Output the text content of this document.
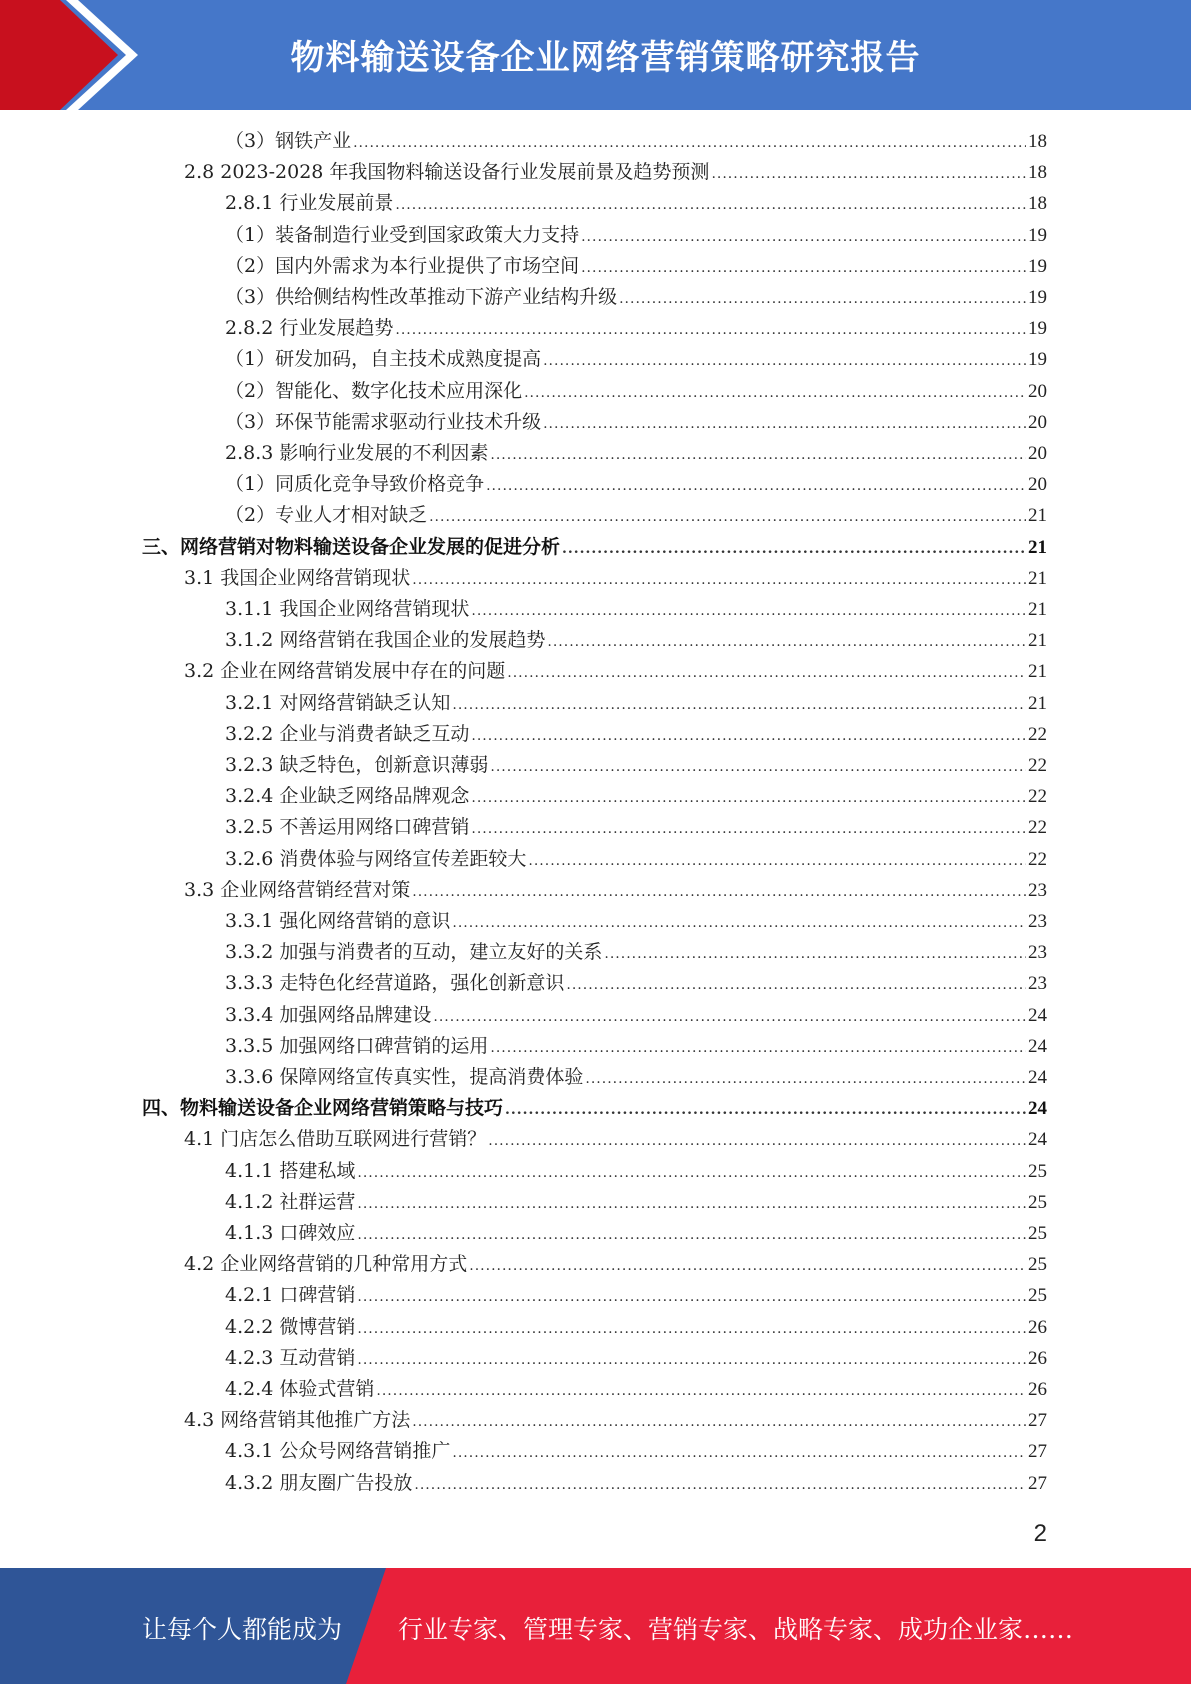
物料输送设备企业网络营销策略研究报告
（3）钢铁产业 .....	18
2.8 2023-2028 年我国物料输送设备行业发展前景及趋势预测 .....	18
2.8.1 行业发展前景 .....	18
（1）装备制造行业受到国家政策大力支持 .....	19
（2）国内外需求为本行业提供了市场空间 .....	19
（3）供给侧结构性改革推动下游产业结构升级 .....	19
2.8.2 行业发展趋势 .....	19
（1）研发加码，自主技术成熟度提高 .....	19
（2）智能化、数字化技术应用深化 .....	20
（3）环保节能需求驱动行业技术升级 .....	20
2.8.3 影响行业发展的不利因素 .....	20
（1）同质化竞争导致价格竞争 .....	20
（2）专业人才相对缺乏 .....	21
三、网络营销对物料输送设备企业发展的促进分析 .....	21
3.1 我国企业网络营销现状 .....	21
3.1.1 我国企业网络营销现状 .....	21
3.1.2 网络营销在我国企业的发展趋势 .....	21
3.2 企业在网络营销发展中存在的问题 .....	21
3.2.1 对网络营销缺乏认知 .....	21
3.2.2 企业与消费者缺乏互动 .....	22
3.2.3 缺乏特色，创新意识薄弱 .....	22
3.2.4 企业缺乏网络品牌观念 .....	22
3.2.5 不善运用网络口碑营销 .....	22
3.2.6 消费体验与网络宣传差距较大 .....	22
3.3 企业网络营销经营对策 .....	23
3.3.1 强化网络营销的意识 .....	23
3.3.2 加强与消费者的互动，建立友好的关系 .....	23
3.3.3 走特色化经营道路，强化创新意识 .....	23
3.3.4 加强网络品牌建设 .....	24
3.3.5 加强网络口碑营销的运用 .....	24
3.3.6 保障网络宣传真实性，提高消费体验 .....	24
四、物料输送设备企业网络营销策略与技巧 .....	24
4.1 门店怎么借助互联网进行营销？ .....	24
4.1.1 搭建私域 .....	25
4.1.2 社群运营 .....	25
4.1.3 口碑效应 .....	25
4.2 企业网络营销的几种常用方式 .....	25
4.2.1 口碑营销 .....	25
4.2.2 微博营销 .....	26
4.2.3 互动营销 .....	26
4.2.4 体验式营销 .....	26
4.3 网络营销其他推广方法 .....	27
4.3.1 公众号网络营销推广 .....	27
4.3.2 朋友圈广告投放 .....	27
2
让每个人都能成为 行业专家、管理专家、营销专家、战略专家、成功企业家……
